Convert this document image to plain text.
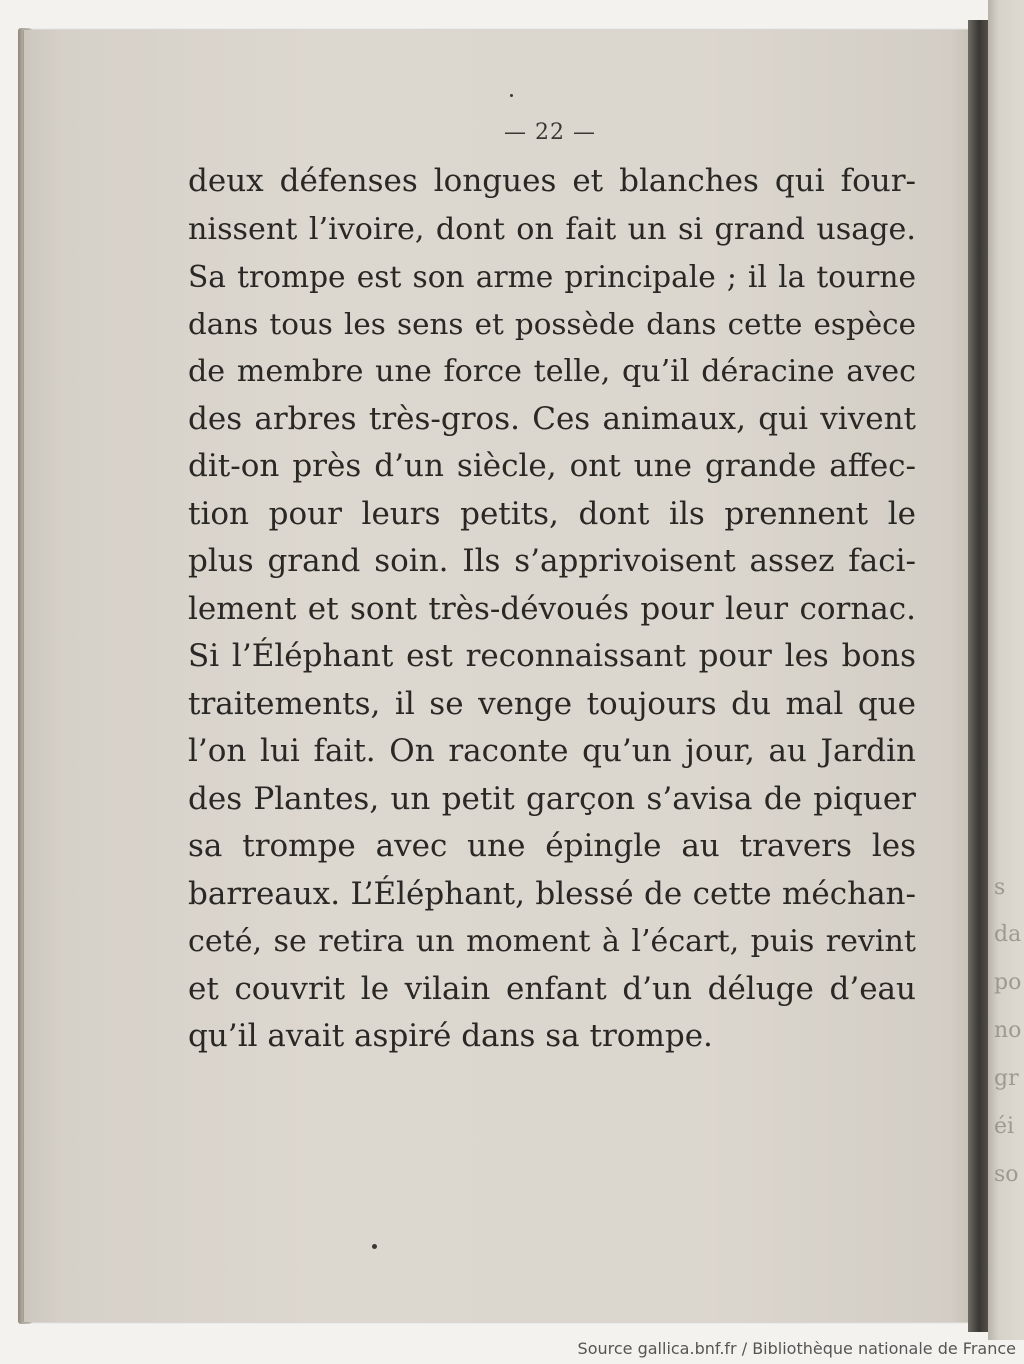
s
da
po
no
gr
éi
so
— 22 —
deux défenses longues et blanches qui four-
nissent l’ivoire, dont on fait un si grand usage.
Sa trompe est son arme principale ; il la tourne
dans tous les sens et possède dans cette espèce
de membre une force telle, qu’il déracine avec
des arbres très-gros. Ces animaux, qui vivent
dit-on près d’un siècle, ont une grande affec-
tion pour leurs petits, dont ils prennent le
plus grand soin. Ils s’apprivoisent assez faci-
lement et sont très-dévoués pour leur cornac.
Si l’Éléphant est reconnaissant pour les bons
traitements, il se venge toujours du mal que
l’on lui fait. On raconte qu’un jour, au Jardin
des Plantes, un petit garçon s’avisa de piquer
sa trompe avec une épingle au travers les
barreaux. L’Éléphant, blessé de cette méchan-
ceté, se retira un moment à l’écart, puis revint
et couvrit le vilain enfant d’un déluge d’eau
qu’il avait aspiré dans sa trompe.
Source gallica.bnf.fr / Bibliothèque nationale de France
